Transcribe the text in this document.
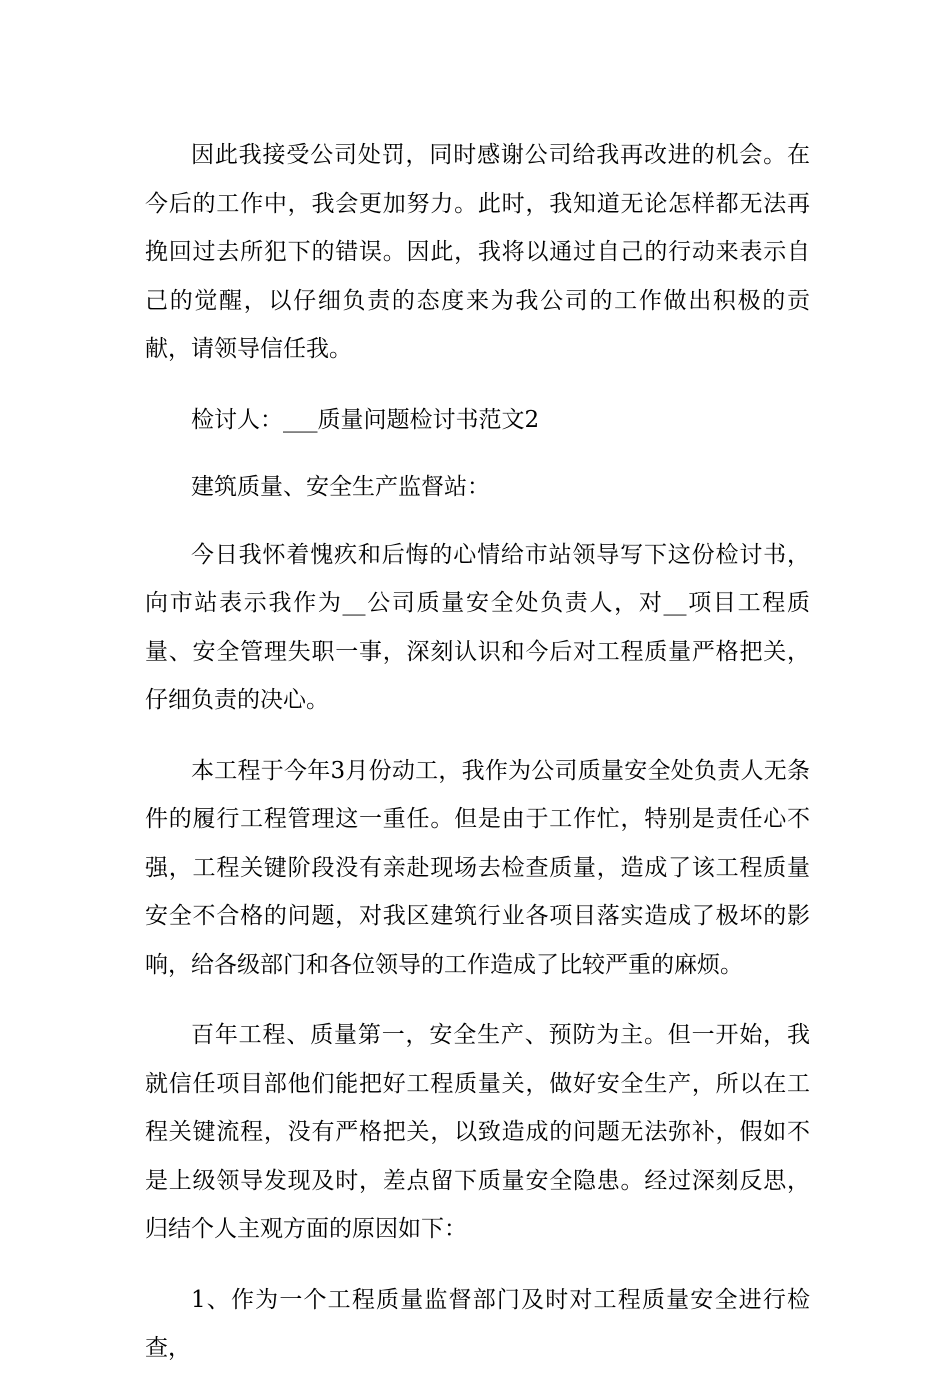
因此我接受公司处罚，同时感谢公司给我再改进的机会。在今后的工作中，我会更加努力。此时，我知道无论怎样都无法再挽回过去所犯下的错误。因此，我将以通过自己的行动来表示自己的觉醒，以仔细负责的态度来为我公司的工作做出积极的贡献，请领导信任我。

检讨人：___质量问题检讨书范文2

建筑质量、安全生产监督站：

今日我怀着愧疚和后悔的心情给市站领导写下这份检讨书，向市站表示我作为__公司质量安全处负责人，对__项目工程质量、安全管理失职一事，深刻认识和今后对工程质量严格把关，仔细负责的决心。

本工程于今年3月份动工，我作为公司质量安全处负责人无条件的履行工程管理这一重任。但是由于工作忙，特别是责任心不强，工程关键阶段没有亲赴现场去检查质量，造成了该工程质量安全不合格的问题，对我区建筑行业各项目落实造成了极坏的影响，给各级部门和各位领导的工作造成了比较严重的麻烦。

百年工程、质量第一，安全生产、预防为主。但一开始，我就信任项目部他们能把好工程质量关，做好安全生产，所以在工程关键流程，没有严格把关，以致造成的问题无法弥补，假如不是上级领导发现及时，差点留下质量安全隐患。经过深刻反思，归结个人主观方面的原因如下：

1、作为一个工程质量监督部门及时对工程质量安全进行检查，
